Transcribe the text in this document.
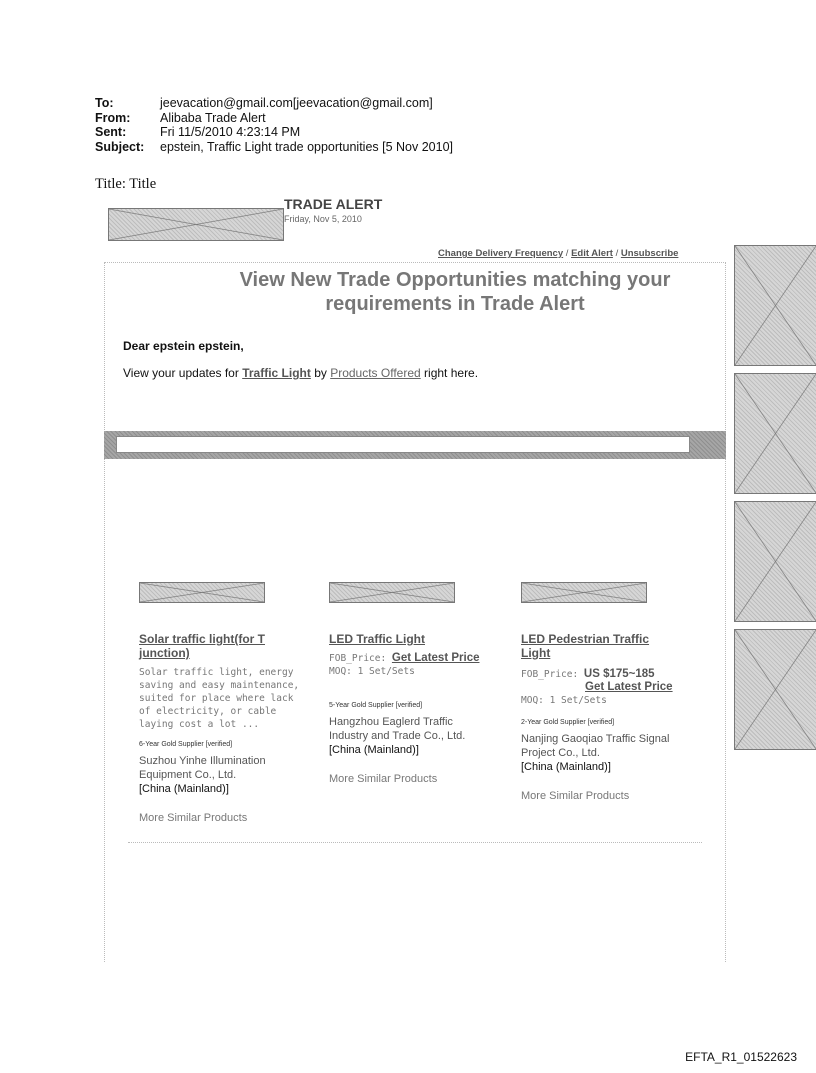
To:	jeevacation@gmail.com[jeevacation@gmail.com]
From:	Alibaba Trade Alert
Sent:	Fri 11/5/2010 4:23:14 PM
Subject:	epstein, Traffic Light trade opportunities [5 Nov 2010]
Title: Title
TRADE ALERT
Friday, Nov 5, 2010
Change Delivery Frequency / Edit Alert / Unsubscribe
View New Trade Opportunities matching your
requirements in Trade Alert
Dear epstein epstein,
View your updates for Traffic Light by Products Offered right here.
Solar traffic light(for T
junction)
Solar traffic light, energy saving and easy maintenance, suited for place where lack of electricity, or cable laying cost a lot ...
6-Year Gold Supplier [verified]
Suzhou Yinhe Illumination Equipment Co., Ltd.
[China (Mainland)]
More Similar Products
LED Traffic Light
FOB_Price: Get Latest Price
MOQ: 1 Set/Sets
5-Year Gold Supplier [verified]
Hangzhou Eaglerd Traffic Industry and Trade Co., Ltd.
[China (Mainland)]
More Similar Products
LED Pedestrian Traffic
Light
FOB_Price: US $175~185
Get Latest Price
MOQ: 1 Set/Sets
2-Year Gold Supplier [verified]
Nanjing Gaoqiao Traffic Signal Project Co., Ltd.
[China (Mainland)]
More Similar Products
EFTA_R1_01522623
